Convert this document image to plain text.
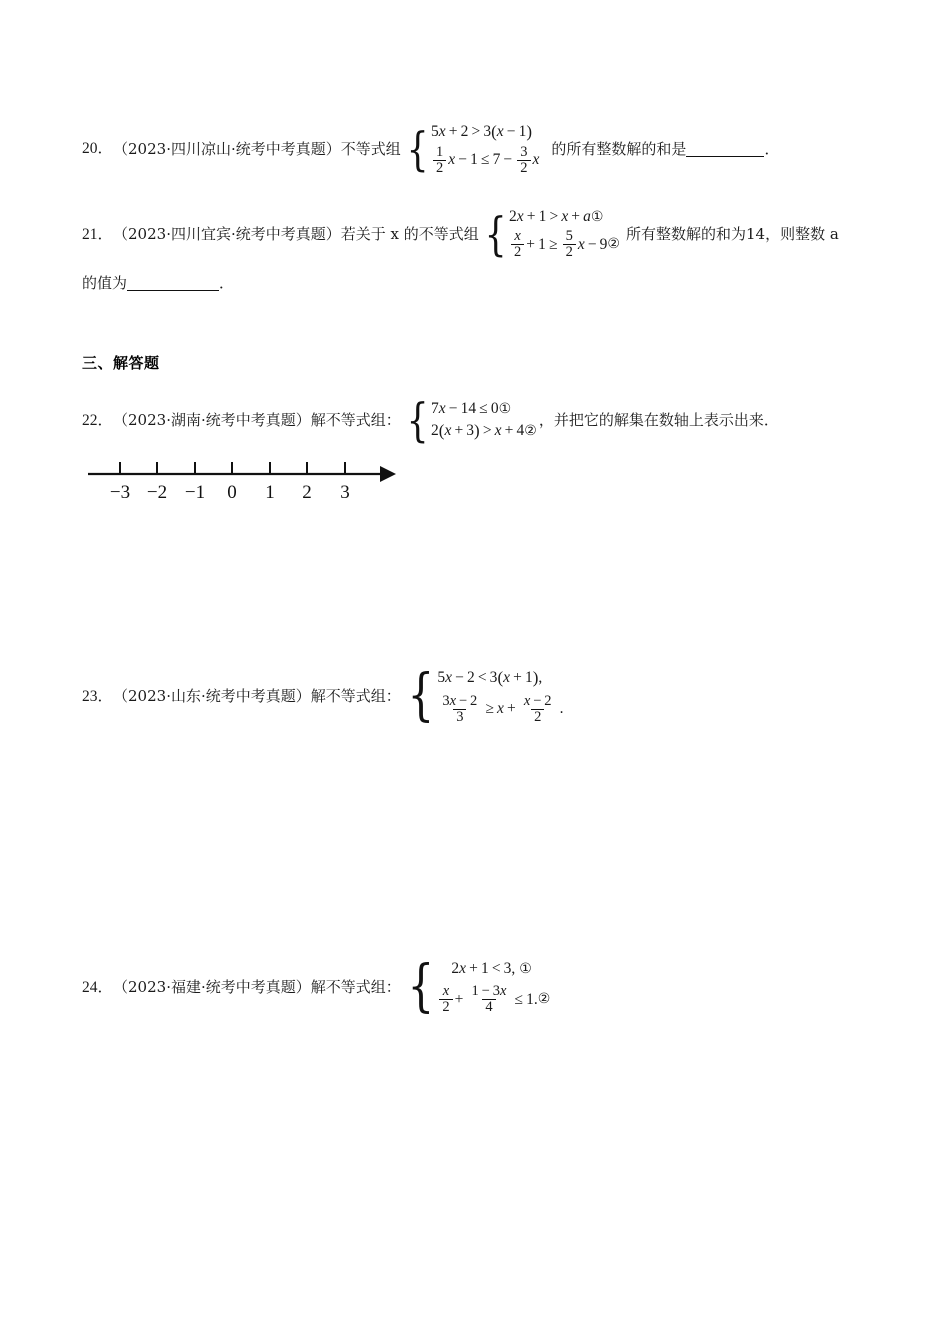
20． （2023·四川凉山·统考中考真题） 不等式组 { 5 x  + 2 > 3 ( x  − 1 )
$\frac{1}{2}$ $x - 1 \le 7 - \frac{3}{2}$ x
的所有整数解的和是	．
21． （2023·四川宜宾·统考中考真题） 若关于 x 的不等式组 { 2 x  + 1 >  x  +  a ①
$\frac{x}{2} + 1 \ge \frac{5}{2}$ x  − 9 ②
所有整数解的和为14，则整数 a
的值为	．
三、解答题
22． （2023·湖南·统考中考真题） 解不等式组： { 7 x  − 14 ≤ 0 ①
2 ( x  + 3 )  >  x  + 4 ②
，并把它的解集在数轴上表示出来．
−3 −2 −1 0 1 2 3
23． （2023·山东·统考中考真题） 解不等式组： { 5 x  − 2 < 3 ( x  + 1 ) ,
$\frac{3x - 2}{3} \ge x + \frac{x - 2}{2}$  .
24． （2023·福建·统考中考真题） 解不等式组： {	2 x  + 1 < 3, ①
$\frac{x}{2} + \frac{1 - 3x}{4} \le 1$. ②
